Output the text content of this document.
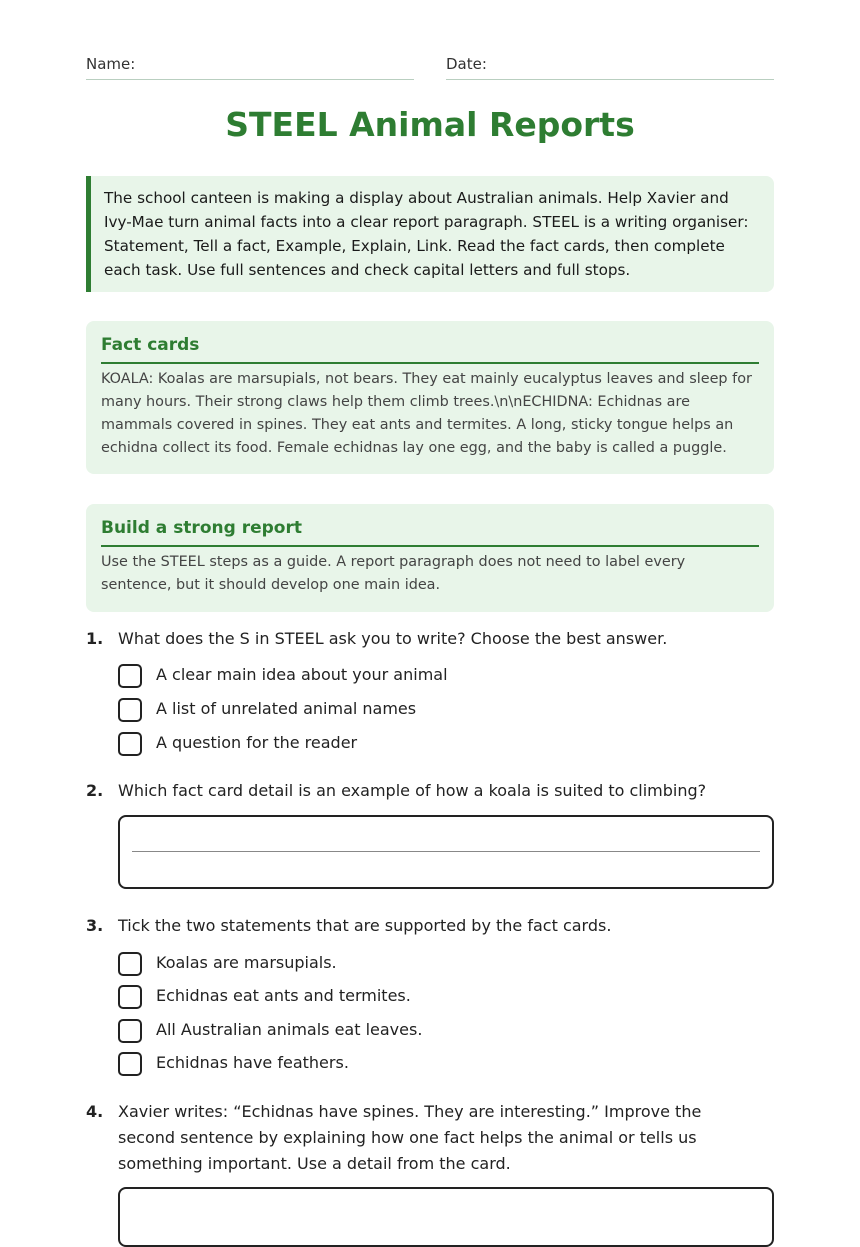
Name:	Date:
STEEL Animal Reports
The school canteen is making a display about Australian animals. Help Xavier and Ivy-Mae turn animal facts into a clear report paragraph. STEEL is a writing organiser: Statement, Tell a fact, Example, Explain, Link. Read the fact cards, then complete each task. Use full sentences and check capital letters and full stops.
Fact cards
KOALA: Koalas are marsupials, not bears. They eat mainly eucalyptus leaves and sleep for many hours. Their strong claws help them climb trees.\n\nECHIDNA: Echidnas are mammals covered in spines. They eat ants and termites. A long, sticky tongue helps an echidna collect its food. Female echidnas lay one egg, and the baby is called a puggle.
Build a strong report
Use the STEEL steps as a guide. A report paragraph does not need to label every sentence, but it should develop one main idea.
1. What does the S in STEEL ask you to write? Choose the best answer.
A clear main idea about your animal
A list of unrelated animal names
A question for the reader
2. Which fact card detail is an example of how a koala is suited to climbing?
3. Tick the two statements that are supported by the fact cards.
Koalas are marsupials.
Echidnas eat ants and termites.
All Australian animals eat leaves.
Echidnas have feathers.
4. Xavier writes: “Echidnas have spines. They are interesting.” Improve the second sentence by explaining how one fact helps the animal or tells us something important. Use a detail from the card.
